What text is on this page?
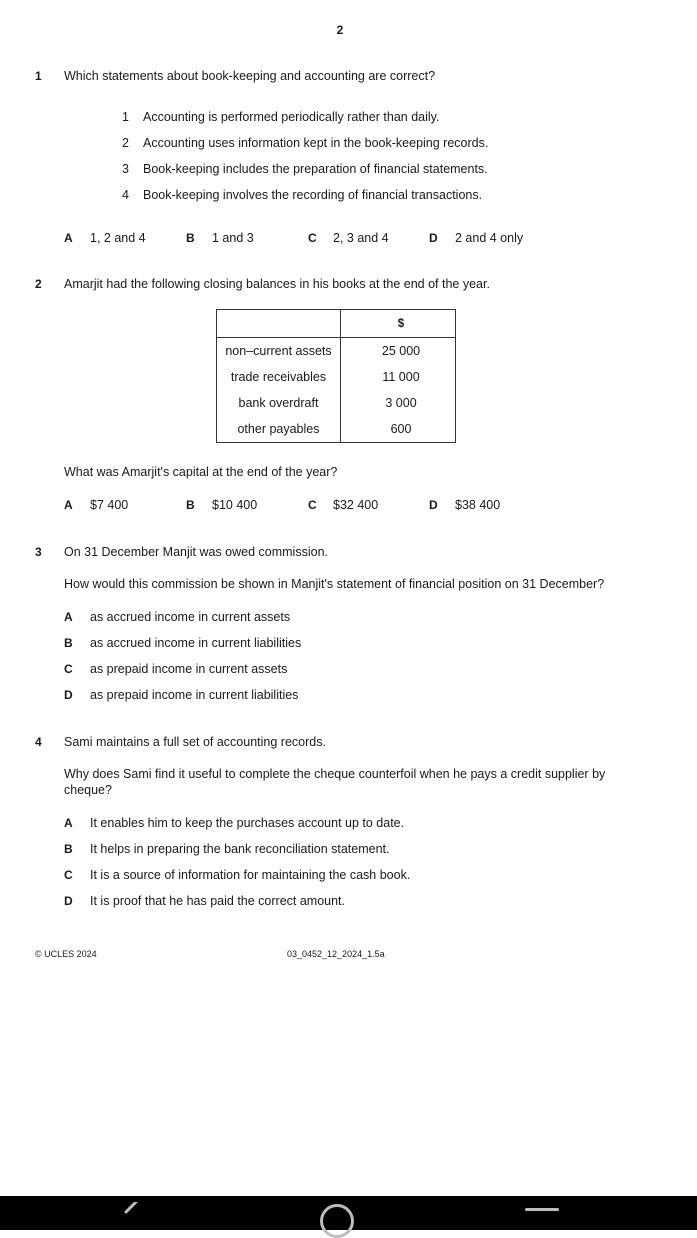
2
1 Which statements about book-keeping and accounting are correct?
1 Accounting is performed periodically rather than daily.
2 Accounting uses information kept in the book-keeping records.
3 Book-keeping includes the preparation of financial statements.
4 Book-keeping involves the recording of financial transactions.
A 1, 2 and 4	B 1 and 3	C 2, 3 and 4	D 2 and 4 only
2 Amarjit had the following closing balances in his books at the end of the year.
	$
non–current assets	25 000
trade receivables	11 000
bank overdraft	3 000
other payables	600
What was Amarjit's capital at the end of the year?
A $7 400	B $10 400	C $32 400	D $38 400
3 On 31 December Manjit was owed commission.
How would this commission be shown in Manjit's statement of financial position on 31 December?
A as accrued income in current assets
B as accrued income in current liabilities
C as prepaid income in current assets
D as prepaid income in current liabilities
4 Sami maintains a full set of accounting records.
Why does Sami find it useful to complete the cheque counterfoil when he pays a credit supplier by
cheque?
A It enables him to keep the purchases account up to date.
B It helps in preparing the bank reconciliation statement.
C It is a source of information for maintaining the cash book.
D It is proof that he has paid the correct amount.
© UCLES 2024	03_0452_12_2024_1.5a
